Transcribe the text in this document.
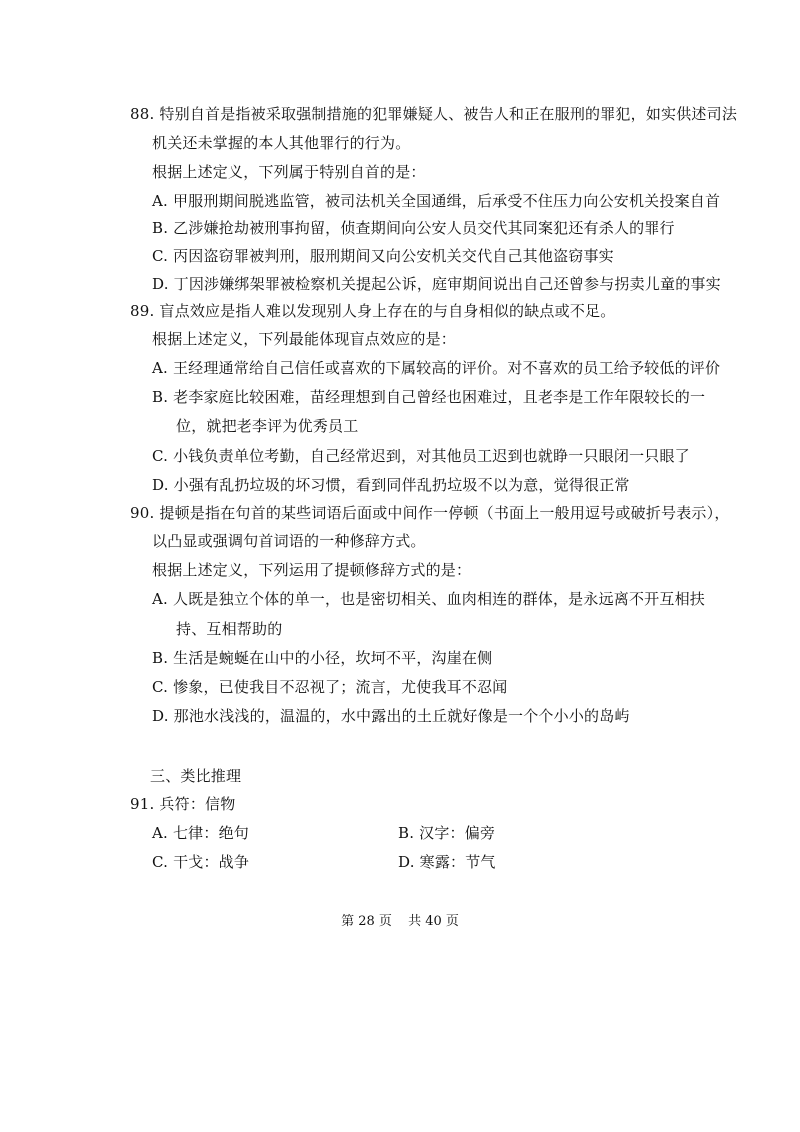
88. 特别自首是指被采取强制措施的犯罪嫌疑人、被告人和正在服刑的罪犯，如实供述司法
机关还未掌握的本人其他罪行的行为。
根据上述定义，下列属于特别自首的是：
A. 甲服刑期间脱逃监管，被司法机关全国通缉，后承受不住压力向公安机关投案自首
B. 乙涉嫌抢劫被刑事拘留，侦查期间向公安人员交代其同案犯还有杀人的罪行
C. 丙因盗窃罪被判刑，服刑期间又向公安机关交代自己其他盗窃事实
D. 丁因涉嫌绑架罪被检察机关提起公诉，庭审期间说出自己还曾参与拐卖儿童的事实
89. 盲点效应是指人难以发现别人身上存在的与自身相似的缺点或不足。
根据上述定义，下列最能体现盲点效应的是：
A. 王经理通常给自己信任或喜欢的下属较高的评价。对不喜欢的员工给予较低的评价
B. 老李家庭比较困难，苗经理想到自己曾经也困难过，且老李是工作年限较长的一
位，就把老李评为优秀员工
C. 小钱负责单位考勤，自己经常迟到，对其他员工迟到也就睁一只眼闭一只眼了
D. 小强有乱扔垃圾的坏习惯，看到同伴乱扔垃圾不以为意，觉得很正常
90. 提顿是指在句首的某些词语后面或中间作一停顿（书面上一般用逗号或破折号表示），
以凸显或强调句首词语的一种修辞方式。
根据上述定义，下列运用了提顿修辞方式的是：
A. 人既是独立个体的单一，也是密切相关、血肉相连的群体，是永远离不开互相扶
持、互相帮助的
B. 生活是蜿蜒在山中的小径，坎坷不平，沟崖在侧
C. 惨象，已使我目不忍视了；流言，尤使我耳不忍闻
D. 那池水浅浅的，温温的，水中露出的土丘就好像是一个个小小的岛屿
三、类比推理
91. 兵符：信物
A. 七律：绝句	B. 汉字：偏旁
C. 干戈：战争	D. 寒露：节气
第 28 页 共 40 页
